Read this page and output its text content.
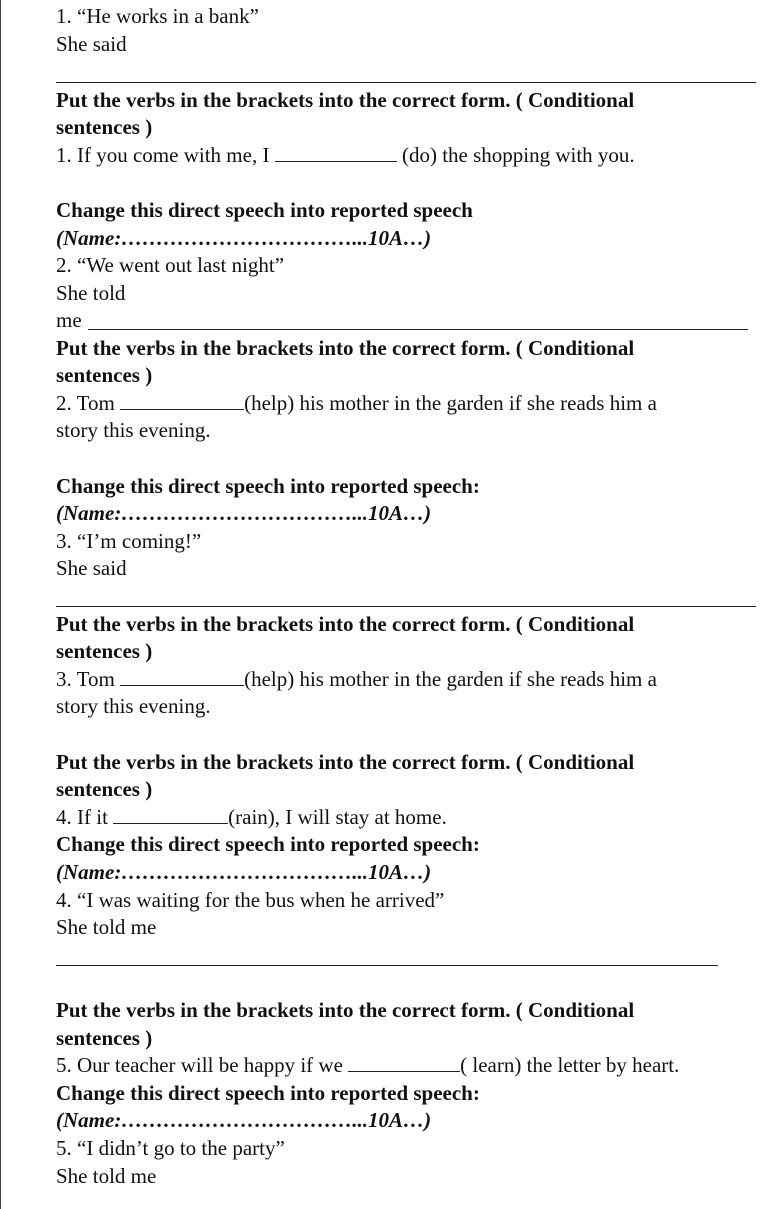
1. “He works in a bank”
She said
Put the verbs in the brackets into the correct form. ( Conditional
sentences )
1. If you come with me, I	(do) the shopping with you.
Change this direct speech into reported speech
(Name:……………………………...10A…)
2. “We went out last night”
She told
me
Put the verbs in the brackets into the correct form. ( Conditional
sentences )
2. Tom	(help) his mother in the garden if she reads him a
story this evening.
Change this direct speech into reported speech:
(Name:……………………………...10A…)
3. “I’m coming!”
She said
Put the verbs in the brackets into the correct form. ( Conditional
sentences )
3. Tom	(help) his mother in the garden if she reads him a
story this evening.
Put the verbs in the brackets into the correct form. ( Conditional
sentences )
4. If it	(rain), I will stay at home.
Change this direct speech into reported speech:
(Name:……………………………...10A…)
4. “I was waiting for the bus when he arrived”
She told me
Put the verbs in the brackets into the correct form. ( Conditional
sentences )
5. Our teacher will be happy if we	( learn) the letter by heart.
Change this direct speech into reported speech:
(Name:……………………………...10A…)
5. “I didn’t go to the party”
She told me
